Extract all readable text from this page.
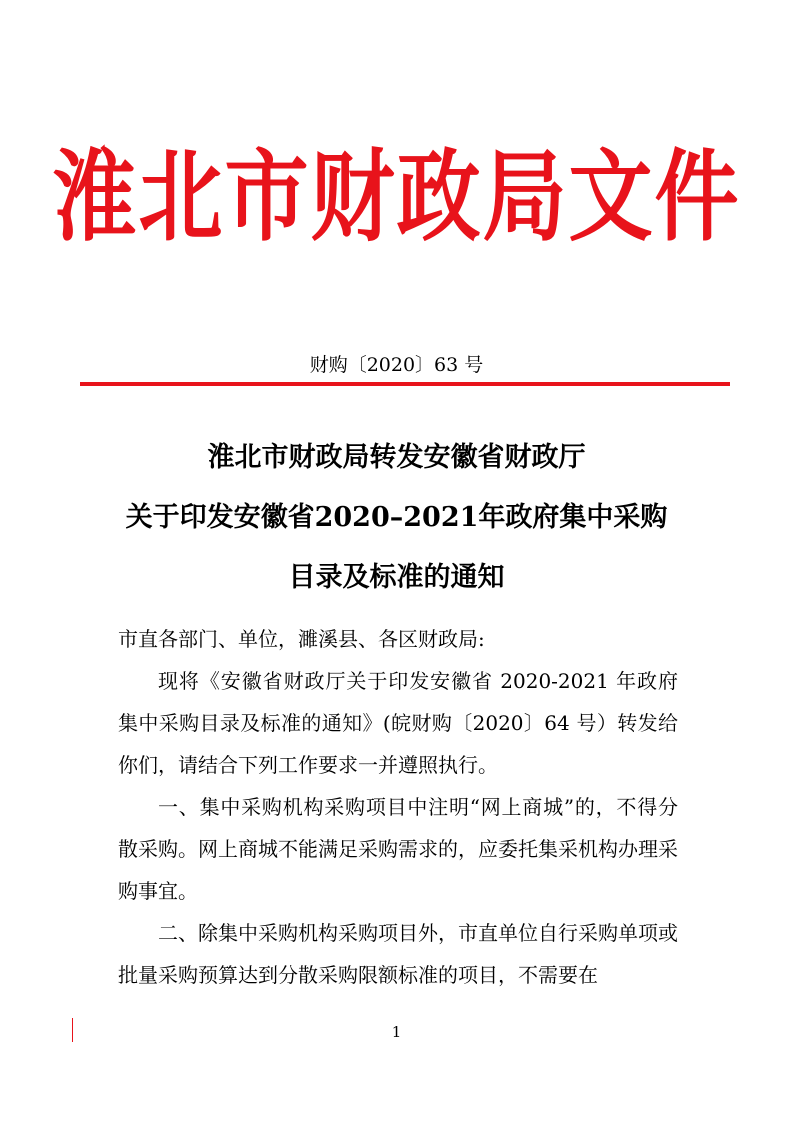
淮北市财政局文件
财购〔2020〕63 号
淮北市财政局转发安徽省财政厅
关于印发安徽省2020–2021年政府集中采购
目录及标准的通知
市直各部门、单位，濉溪县、各区财政局:
现将《安徽省财政厅关于印发安徽省 2020-2021 年政府集中采购目录及标准的通知》(皖财购〔2020〕64 号）转发给你们，请结合下列工作要求一并遵照执行。
一、集中采购机构采购项目中注明“网上商城”的，不得分散采购。网上商城不能满足采购需求的，应委托集采机构办理采购事宜。
二、除集中采购机构采购项目外，市直单位自行采购单项或批量采购预算达到分散采购限额标准的项目，不需要在
1
